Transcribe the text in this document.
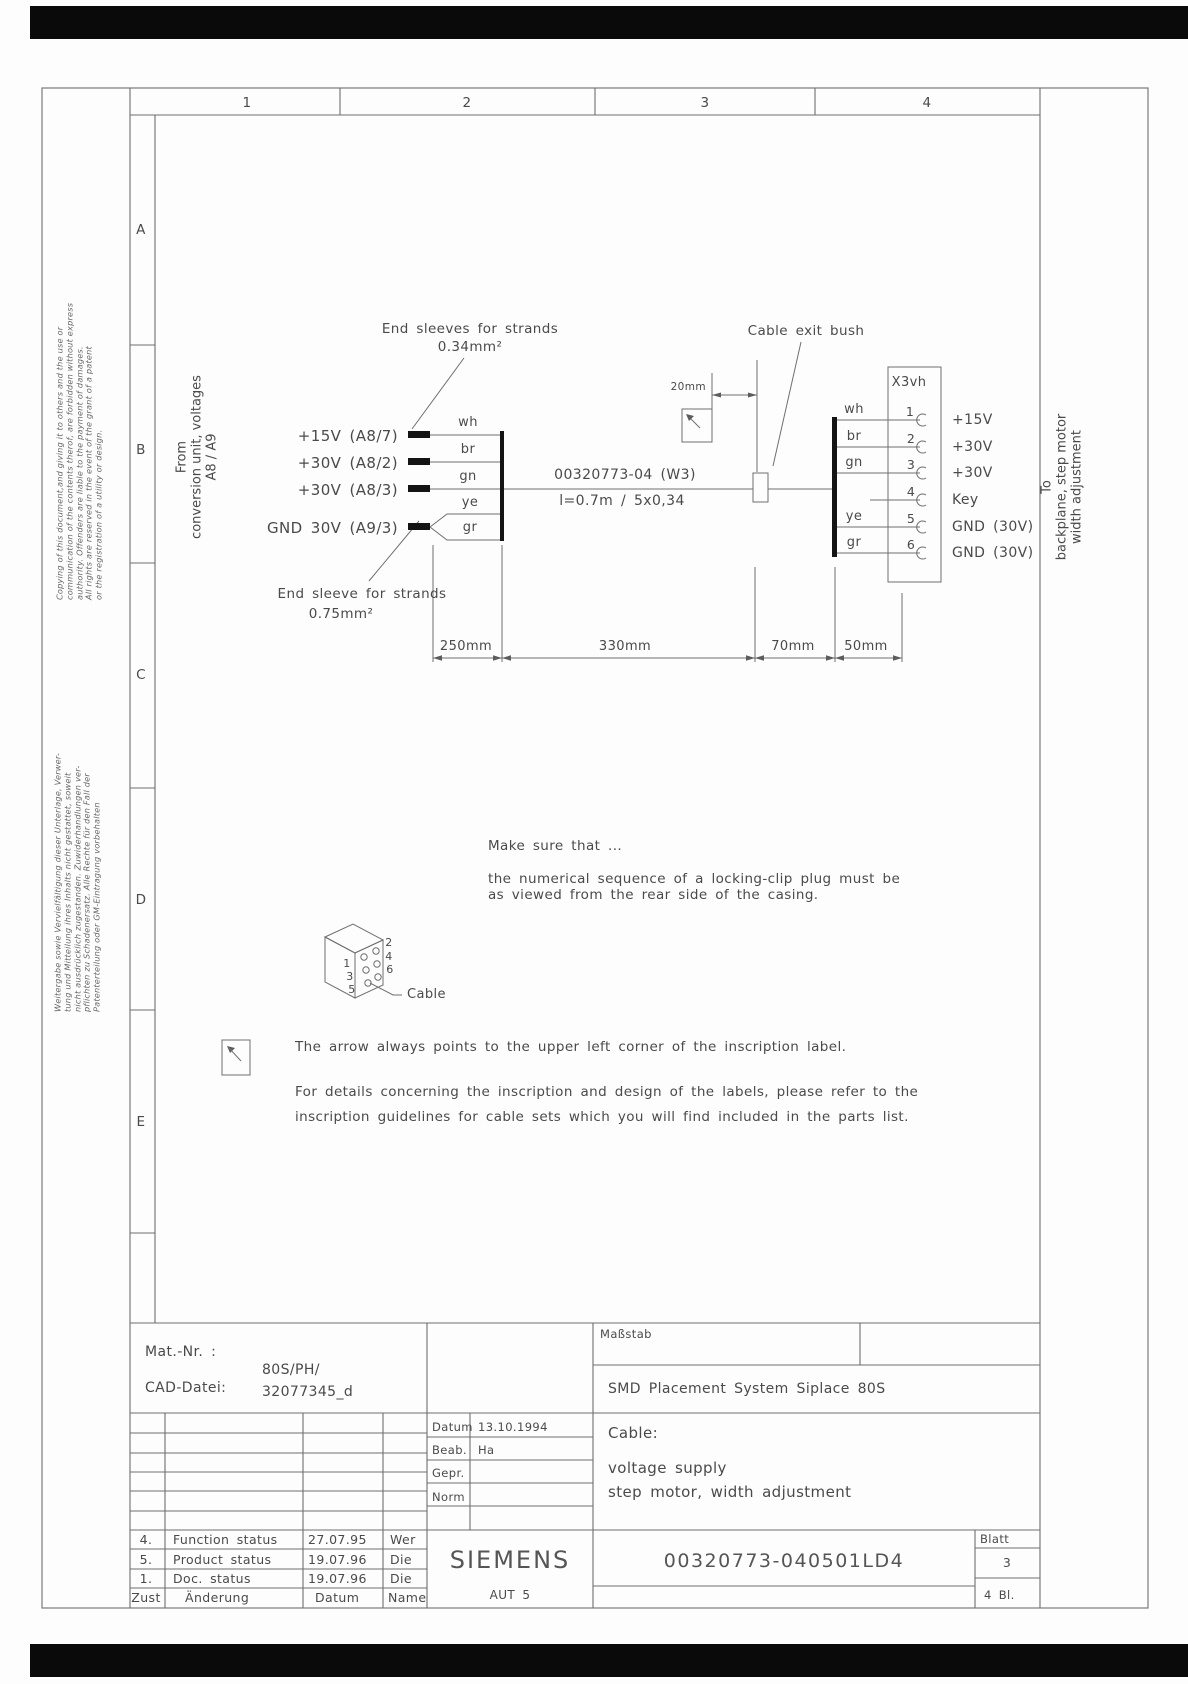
1	2	3	4
A
B
C
D
E
Copying of this document,and giving it to others and the use or communication of the contents therof, are forbidden without express authority. Offenders are liable to the payment of damages. All rights are reserved in the event of the grant of a patent or the registration of a utility or design.
Weitergabe sowie Vervielfältigung dieser Unterlage, Verwer- tung und Mitteilung ihres Inhalts nicht gestattet, soweit nicht ausdrücklich zugestanden. Zuwiderhandlungen ver- pflichten zu Schadenersatz. Alle Rechte für den Fall der Patenterteilung oder GM-Eintragung vorbehalten
From conversion unit, voltages A8 / A9
To backplane, step motor width adjustment
End sleeves for strands
0.34mm²
End sleeve for strands
0.75mm²
Cable exit bush
+15V (A8/7)
+30V (A8/2)
+30V (A8/3)
GND 30V (A9/3)
wh
br
gn
ye
gr
00320773-04 (W3)
l=0.7m / 5x0,34
20mm
wh
br
gn
ye
gr
X3vh
1
2
3
4
5
6
+15V
+30V
+30V
Key
GND (30V)
GND (30V)
250mm	330mm	70mm 50mm
Make sure that ...
the numerical sequence of a locking-clip plug must be
as viewed from the rear side of the casing.
1
3
5
2
4
6
Cable
The arrow always points to the upper left corner of the inscription label.
For details concerning the inscription and design of the labels, please refer to the
inscription guidelines for cable sets which you will find included in the parts list.
Mat.-Nr. :
CAD-Datei:
80S/PH/
32077345_d
Maßstab
SMD Placement System Siplace 80S
Datum 13.10.1994
Beab. Ha
Gepr.
Norm
Cable:
voltage supply
step motor, width adjustment
4. Function status 27.07.95 Wer
5. Product status	19.07.96 Die
1. Doc. status	19.07.96 Die
Zust Änderung	Datum Name
SIEMENS
AUT 5
00320773-040501LD4
Blatt
3
4 Bl.
